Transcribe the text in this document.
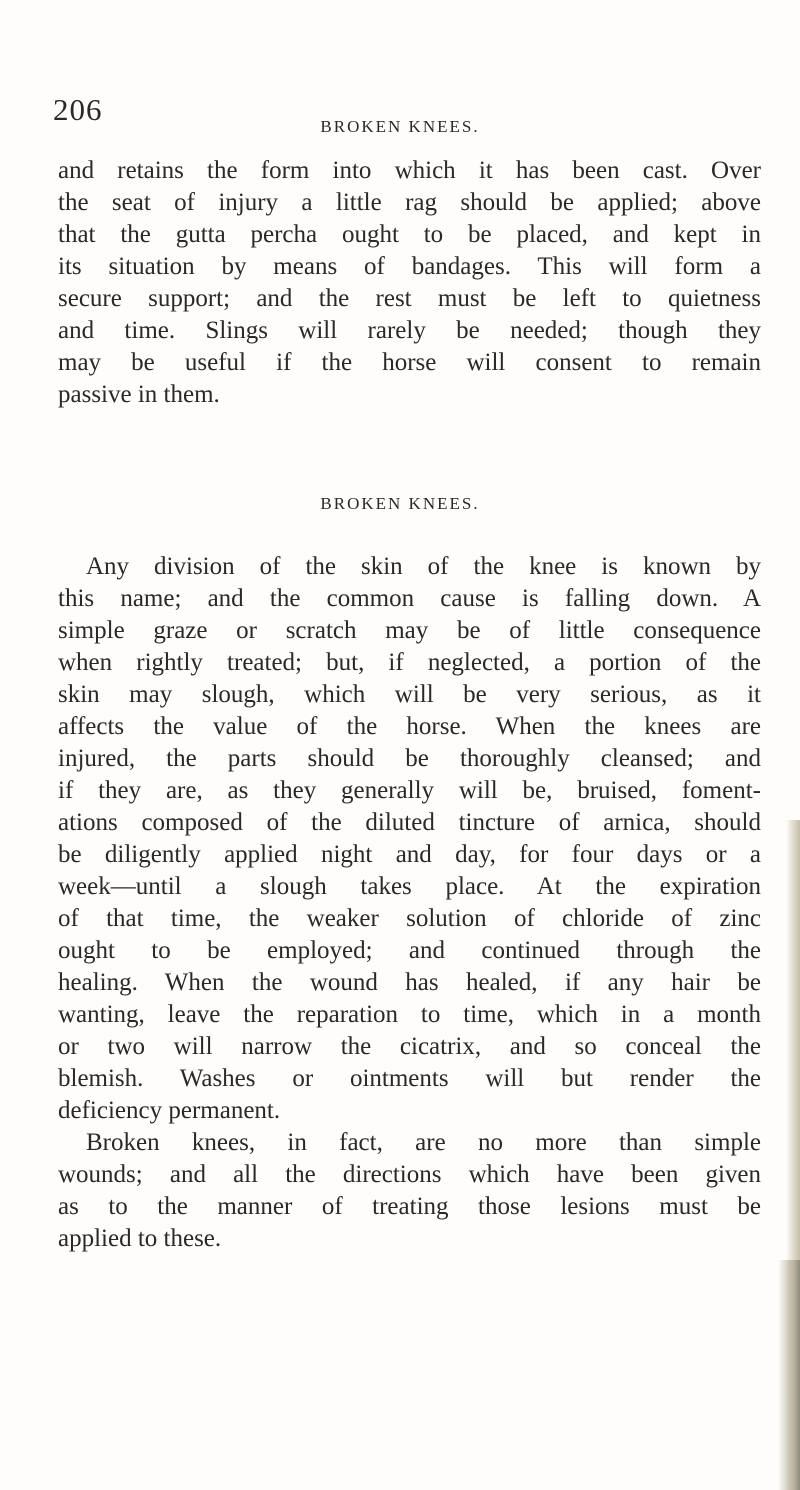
206	BROKEN KNEES.
and retains the form into which it has been cast. Over
the seat of injury a little rag should be applied; above
that the gutta percha ought to be placed, and kept in
its situation by means of bandages. This will form a
secure support; and the rest must be left to quietness
and time. Slings will rarely be needed; though they
may be useful if the horse will consent to remain
passive in them.
BROKEN KNEES.
Any division of the skin of the knee is known by
this name; and the common cause is falling down. A
simple graze or scratch may be of little consequence
when rightly treated; but, if neglected, a portion of the
skin may slough, which will be very serious, as it
affects the value of the horse. When the knees are
injured, the parts should be thoroughly cleansed; and
if they are, as they generally will be, bruised, foment-
ations composed of the diluted tincture of arnica, should
be diligently applied night and day, for four days or a
week—until a slough takes place. At the expiration
of that time, the weaker solution of chloride of zinc
ought to be employed; and continued through the
healing. When the wound has healed, if any hair be
wanting, leave the reparation to time, which in a month
or two will narrow the cicatrix, and so conceal the
blemish. Washes or ointments will but render the
deficiency permanent.
Broken knees, in fact, are no more than simple
wounds; and all the directions which have been given
as to the manner of treating those lesions must be
applied to these.
